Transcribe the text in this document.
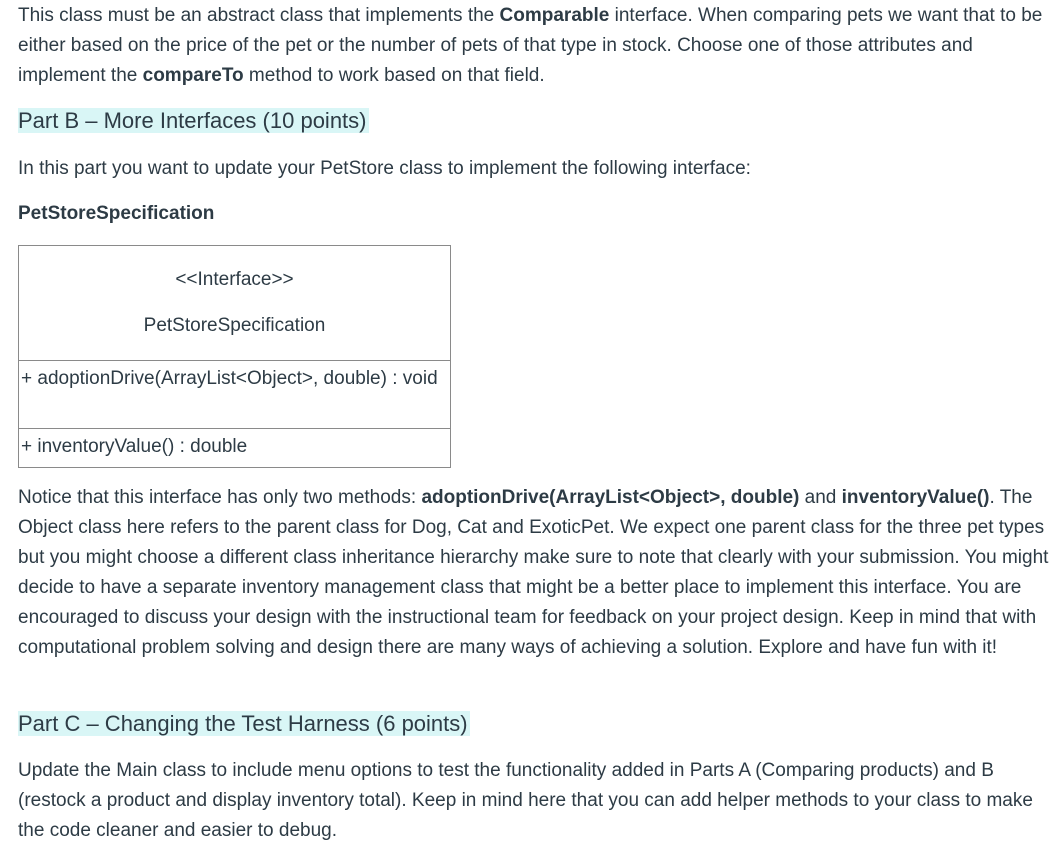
This class must be an abstract class that implements the Comparable interface. When comparing pets we want that to be either based on the price of the pet or the number of pets of that type in stock. Choose one of those attributes and implement the compareTo method to work based on that field.

Part B – More Interfaces (10 points)

In this part you want to update your PetStore class to implement the following interface:

PetStoreSpecification

<<Interface>>
PetStoreSpecification

+ adoptionDrive(ArrayList<Object>, double) : void
+ inventoryValue() : double

Notice that this interface has only two methods: adoptionDrive(ArrayList<Object>, double) and inventoryValue(). The Object class here refers to the parent class for Dog, Cat and ExoticPet. We expect one parent class for the three pet types but you might choose a different class inheritance hierarchy make sure to note that clearly with your submission. You might decide to have a separate inventory management class that might be a better place to implement this interface. You are encouraged to discuss your design with the instructional team for feedback on your project design. Keep in mind that with computational problem solving and design there are many ways of achieving a solution. Explore and have fun with it!

Part C – Changing the Test Harness (6 points)

Update the Main class to include menu options to test the functionality added in Parts A (Comparing products) and B (restock a product and display inventory total). Keep in mind here that you can add helper methods to your class to make the code cleaner and easier to debug.
